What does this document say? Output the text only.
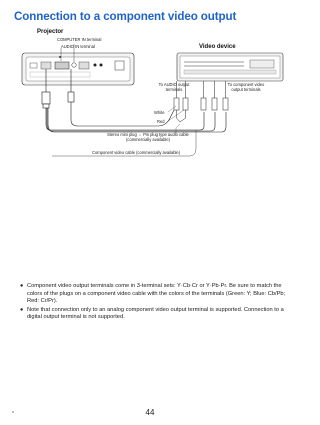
Connection to a component video output
Projector
COMPUTER IN terminal
AUDIO IN terminal	Video device
To AUDIO output terminals
To component video output terminals
White
Red
Stereo mini plug ⇔ Pin plug type audio cable (commercially available)
Component video cable (commercially available)
● Component video output terminals come in 3-terminal sets: Y·Cb·Cr or Y·Pb·Pr. Be sure to match the colors of the plugs on a component video cable with the colors of the terminals (Green: Y; Blue: Cb/Pb; Red: Cr/Pr).
● Note that connection only to an analog component video output terminal is supported. Connection to a digital output terminal is not supported.
a	44
